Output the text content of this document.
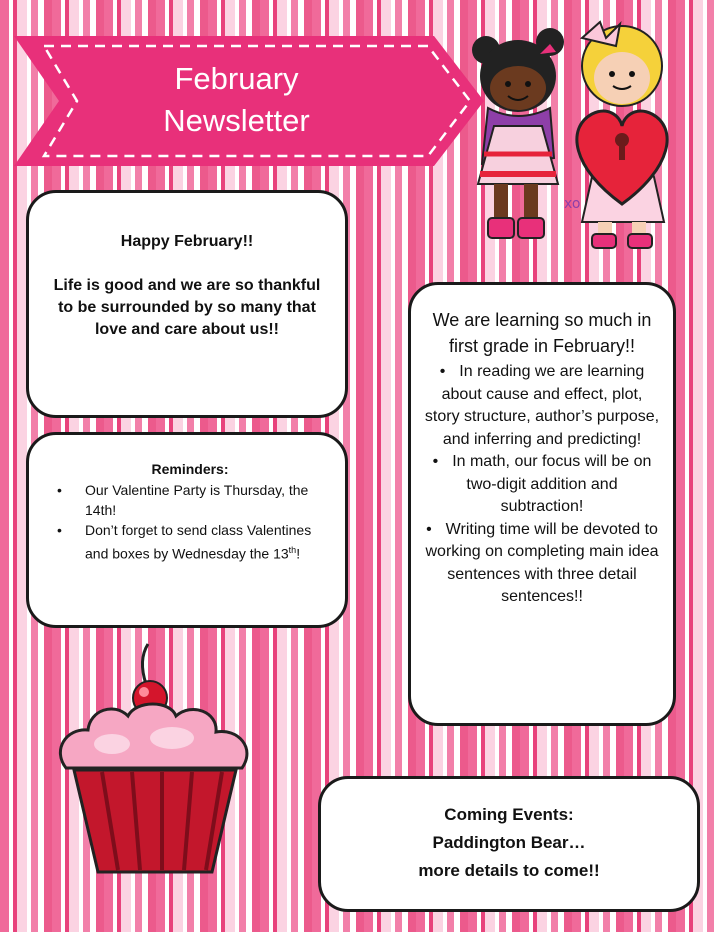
February
Newsletter
xo
Happy February!!
Life is good and we are so thankful to be surrounded by so many that love and care about us!!
Reminders:
• Our Valentine Party is Thursday, the 14th!
• Don’t forget to send class Valentines and boxes by Wednesday the 13th!
We are learning so much in first grade in February!!
• In reading we are learning about cause and effect, plot, story structure, author’s purpose, and inferring and predicting!
• In math, our focus will be on two-digit addition and subtraction!
• Writing time will be devoted to working on completing main idea sentences with three detail sentences!!
Coming Events:
Paddington Bear…
more details to come!!
